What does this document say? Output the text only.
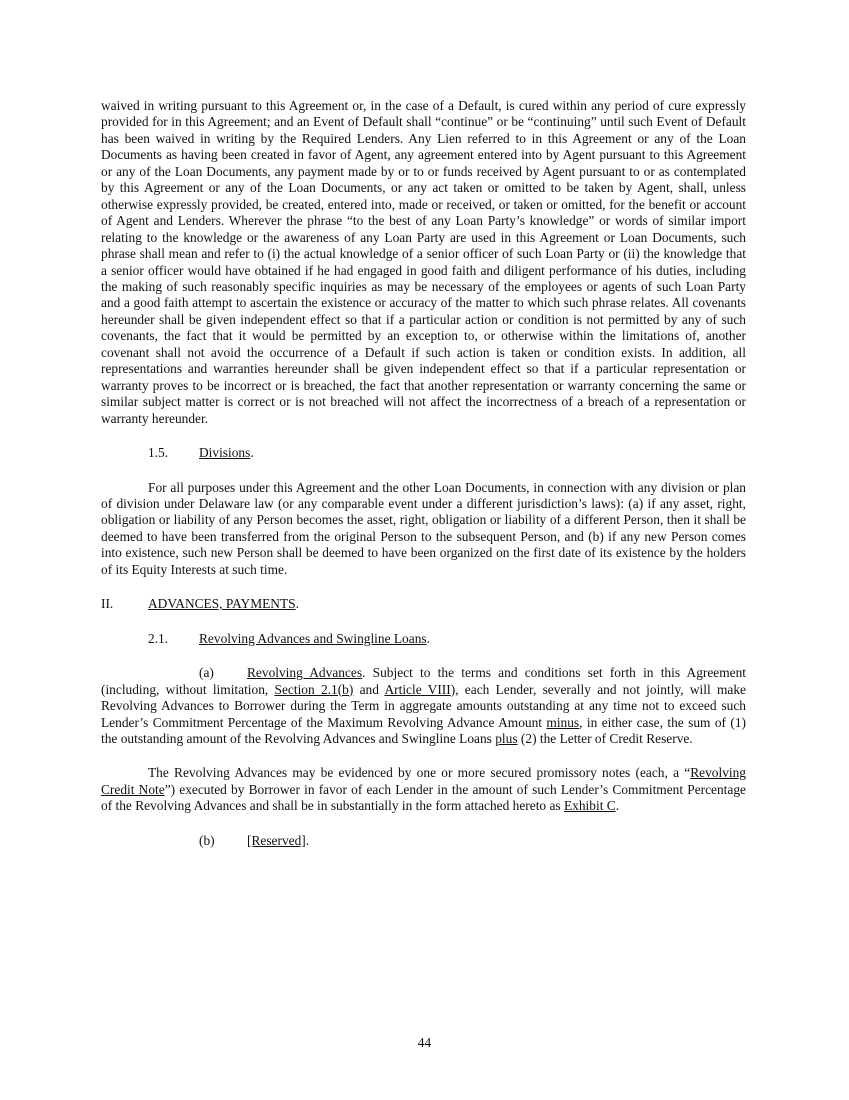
waived in writing pursuant to this Agreement or, in the case of a Default, is cured within any period of cure expressly provided for in this Agreement; and an Event of Default shall “continue” or be “continuing” until such Event of Default has been waived in writing by the Required Lenders. Any Lien referred to in this Agreement or any of the Loan Documents as having been created in favor of Agent, any agreement entered into by Agent pursuant to this Agreement or any of the Loan Documents, any payment made by or to or funds received by Agent pursuant to or as contemplated by this Agreement or any of the Loan Documents, or any act taken or omitted to be taken by Agent, shall, unless otherwise expressly provided, be created, entered into, made or received, or taken or omitted, for the benefit or account of Agent and Lenders. Wherever the phrase “to the best of any Loan Party’s knowledge” or words of similar import relating to the knowledge or the awareness of any Loan Party are used in this Agreement or Loan Documents, such phrase shall mean and refer to (i) the actual knowledge of a senior officer of such Loan Party or (ii) the knowledge that a senior officer would have obtained if he had engaged in good faith and diligent performance of his duties, including the making of such reasonably specific inquiries as may be necessary of the employees or agents of such Loan Party and a good faith attempt to ascertain the existence or accuracy of the matter to which such phrase relates. All covenants hereunder shall be given independent effect so that if a particular action or condition is not permitted by any of such covenants, the fact that it would be permitted by an exception to, or otherwise within the limitations of, another covenant shall not avoid the occurrence of a Default if such action is taken or condition exists. In addition, all representations and warranties hereunder shall be given independent effect so that if a particular representation or warranty proves to be incorrect or is breached, the fact that another representation or warranty concerning the same or similar subject matter is correct or is not breached will not affect the incorrectness of a breach of a representation or warranty hereunder.

1.5. Divisions.

For all purposes under this Agreement and the other Loan Documents, in connection with any division or plan of division under Delaware law (or any comparable event under a different jurisdiction’s laws): (a) if any asset, right, obligation or liability of any Person becomes the asset, right, obligation or liability of a different Person, then it shall be deemed to have been transferred from the original Person to the subsequent Person, and (b) if any new Person comes into existence, such new Person shall be deemed to have been organized on the first date of its existence by the holders of its Equity Interests at such time.

II.	ADVANCES, PAYMENTS.

2.1. Revolving Advances and Swingline Loans.

(a) Revolving Advances. Subject to the terms and conditions set forth in this Agreement (including, without limitation, Section 2.1(b) and Article VIII), each Lender, severally and not jointly, will make Revolving Advances to Borrower during the Term in aggregate amounts outstanding at any time not to exceed such Lender’s Commitment Percentage of the Maximum Revolving Advance Amount minus, in either case, the sum of (1) the outstanding amount of the Revolving Advances and Swingline Loans plus (2) the Letter of Credit Reserve.

The Revolving Advances may be evidenced by one or more secured promissory notes (each, a “Revolving Credit Note”) executed by Borrower in favor of each Lender in the amount of such Lender’s Commitment Percentage of the Revolving Advances and shall be in substantially in the form attached hereto as Exhibit C.

(b) [Reserved].

44
